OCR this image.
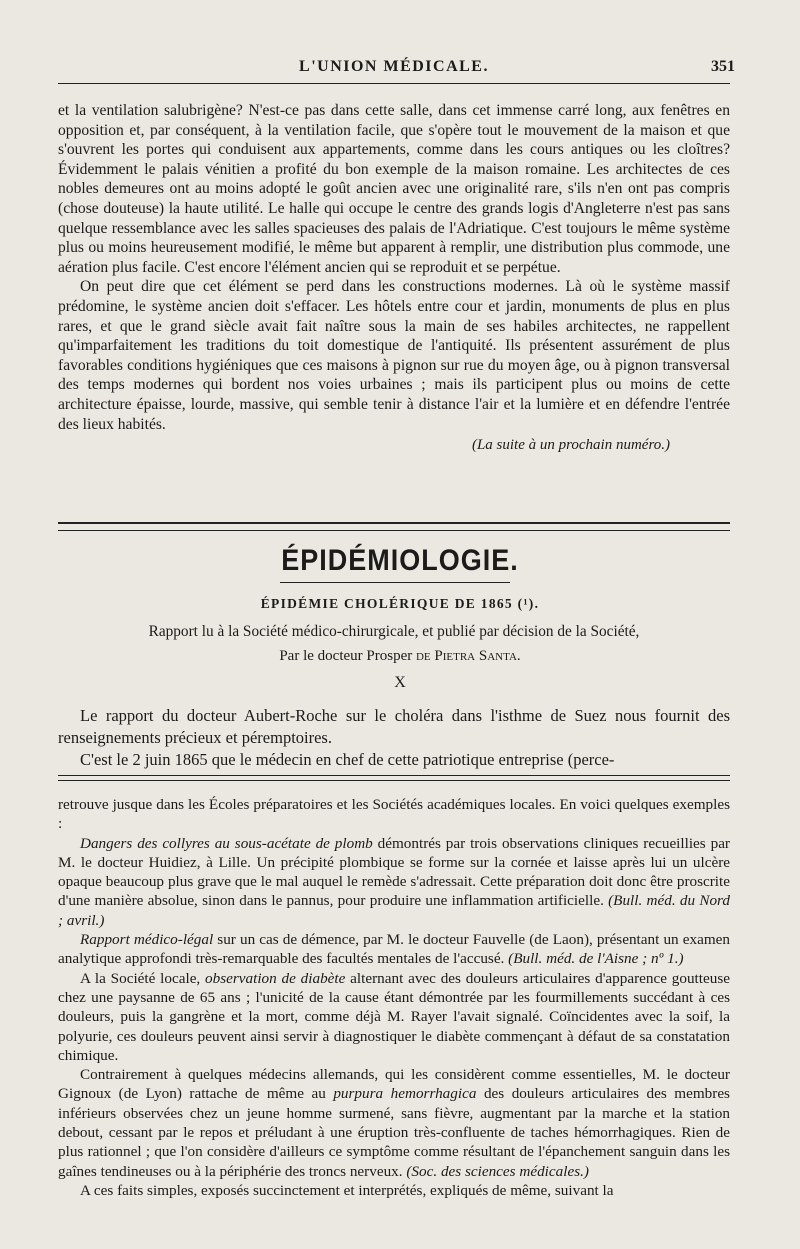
L'UNION MÉDICALE.	351

et la ventilation salubrigène? N'est-ce pas dans cette salle, dans cet immense carré long, aux fenêtres en opposition et, par conséquent, à la ventilation facile, que s'opère tout le mouvement de la maison et que s'ouvrent les portes qui conduisent aux appartements, comme dans les cours antiques ou les cloîtres? Évidemment le palais vénitien a profité du bon exemple de la maison romaine. Les architectes de ces nobles demeures ont au moins adopté le goût ancien avec une originalité rare, s'ils n'en ont pas compris (chose douteuse) la haute utilité. Le halle qui occupe le centre des grands logis d'Angleterre n'est pas sans quelque ressemblance avec les salles spacieuses des palais de l'Adriatique. C'est toujours le même système plus ou moins heureusement modifié, le même but apparent à remplir, une distribution plus commode, une aération plus facile. C'est encore l'élément ancien qui se reproduit et se perpétue.

On peut dire que cet élément se perd dans les constructions modernes. Là où le système massif prédomine, le système ancien doit s'effacer. Les hôtels entre cour et jardin, monuments de plus en plus rares, et que le grand siècle avait fait naître sous la main de ses habiles architectes, ne rappellent qu'imparfaitement les traditions du toit domestique de l'antiquité. Ils présentent assurément de plus favorables conditions hygiéniques que ces maisons à pignon sur rue du moyen âge, ou à pignon transversal des temps modernes qui bordent nos voies urbaines ; mais ils participent plus ou moins de cette architecture épaisse, lourde, massive, qui semble tenir à distance l'air et la lumière et en défendre l'entrée des lieux habités.

(La suite à un prochain numéro.)
ÉPIDÉMIOLOGIE.
ÉPIDÉMIE CHOLÉRIQUE DE 1865 (¹).
Rapport lu à la Société médico-chirurgicale, et publié par décision de la Société,
Par le docteur Prosper de Pietra Santa.
X

Le rapport du docteur Aubert-Roche sur le choléra dans l'isthme de Suez nous fournit des renseignements précieux et péremptoires.

C'est le 2 juin 1865 que le médecin en chef de cette patriotique entreprise (perce-

retrouve jusque dans les Écoles préparatoires et les Sociétés académiques locales. En voici quelques exemples :

Dangers des collyres au sous-acétate de plomb démontrés par trois observations cliniques recueillies par M. le docteur Huidiez, à Lille. Un précipité plombique se forme sur la cornée et laisse après lui un ulcère opaque beaucoup plus grave que le mal auquel le remède s'adressait. Cette préparation doit donc être proscrite d'une manière absolue, sinon dans le pannus, pour produire une inflammation artificielle. (Bull. méd. du Nord ; avril.)

Rapport médico-légal sur un cas de démence, par M. le docteur Fauvelle (de Laon), présentant un examen analytique approfondi très-remarquable des facultés mentales de l'accusé. (Bull. méd. de l'Aisne ; nº 1.)

A la Société locale, observation de diabète alternant avec des douleurs articulaires d'apparence goutteuse chez une paysanne de 65 ans ; l'unicité de la cause étant démontrée par les fourmillements succédant à ces douleurs, puis la gangrène et la mort, comme déjà M. Rayer l'avait signalé. Coïncidentes avec la soif, la polyurie, ces douleurs peuvent ainsi servir à diagnostiquer le diabète commençant à défaut de sa constatation chimique.

Contrairement à quelques médecins allemands, qui les considèrent comme essentielles, M. le docteur Gignoux (de Lyon) rattache de même au purpura hemorrhagica des douleurs articulaires des membres inférieurs observées chez un jeune homme surmené, sans fièvre, augmentant par la marche et la station debout, cessant par le repos et préludant à une éruption très-confluente de taches hémorrhagiques. Rien de plus rationnel ; que l'on considère d'ailleurs ce symptôme comme résultant de l'épanchement sanguin dans les gaînes tendineuses ou à la périphérie des troncs nerveux. (Soc. des sciences médicales.)

A ces faits simples, exposés succinctement et interprétés, expliqués de même, suivant la
